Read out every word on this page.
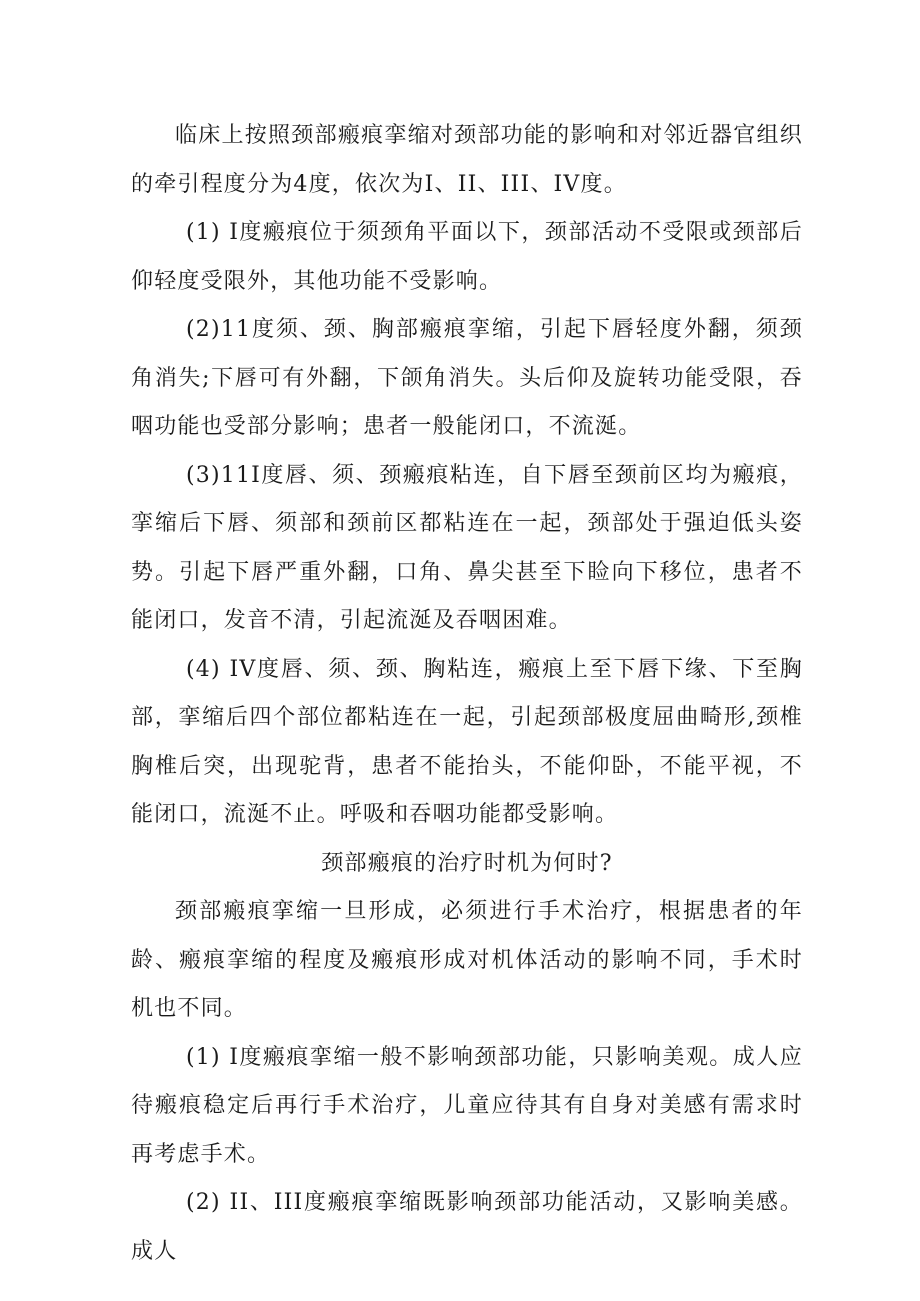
临床上按照颈部瘢痕挛缩对颈部功能的影响和对邻近器官组织的牵引程度分为4度，依次为I、II、III、IV度。

(1) I度瘢痕位于须颈角平面以下，颈部活动不受限或颈部后仰轻度受限外，其他功能不受影响。

(2)11度须、颈、胸部瘢痕挛缩，引起下唇轻度外翻，须颈角消失;下唇可有外翻，下颌角消失。头后仰及旋转功能受限，吞咽功能也受部分影响；患者一般能闭口，不流涎。

(3)11I度唇、须、颈瘢痕粘连，自下唇至颈前区均为瘢痕，挛缩后下唇、须部和颈前区都粘连在一起，颈部处于强迫低头姿势。引起下唇严重外翻，口角、鼻尖甚至下睑向下移位，患者不能闭口，发音不清，引起流涎及吞咽困难。

(4) IV度唇、须、颈、胸粘连，瘢痕上至下唇下缘、下至胸部，挛缩后四个部位都粘连在一起，引起颈部极度屈曲畸形,颈椎胸椎后突，出现驼背，患者不能抬头，不能仰卧，不能平视，不能闭口，流涎不止。呼吸和吞咽功能都受影响。

颈部瘢痕的治疗时机为何时?

颈部瘢痕挛缩一旦形成，必须进行手术治疗，根据患者的年龄、瘢痕挛缩的程度及瘢痕形成对机体活动的影响不同，手术时机也不同。

(1) I度瘢痕挛缩一般不影响颈部功能，只影响美观。成人应待瘢痕稳定后再行手术治疗，儿童应待其有自身对美感有需求时再考虑手术。

(2) II、III度瘢痕挛缩既影响颈部功能活动，又影响美感。成人
